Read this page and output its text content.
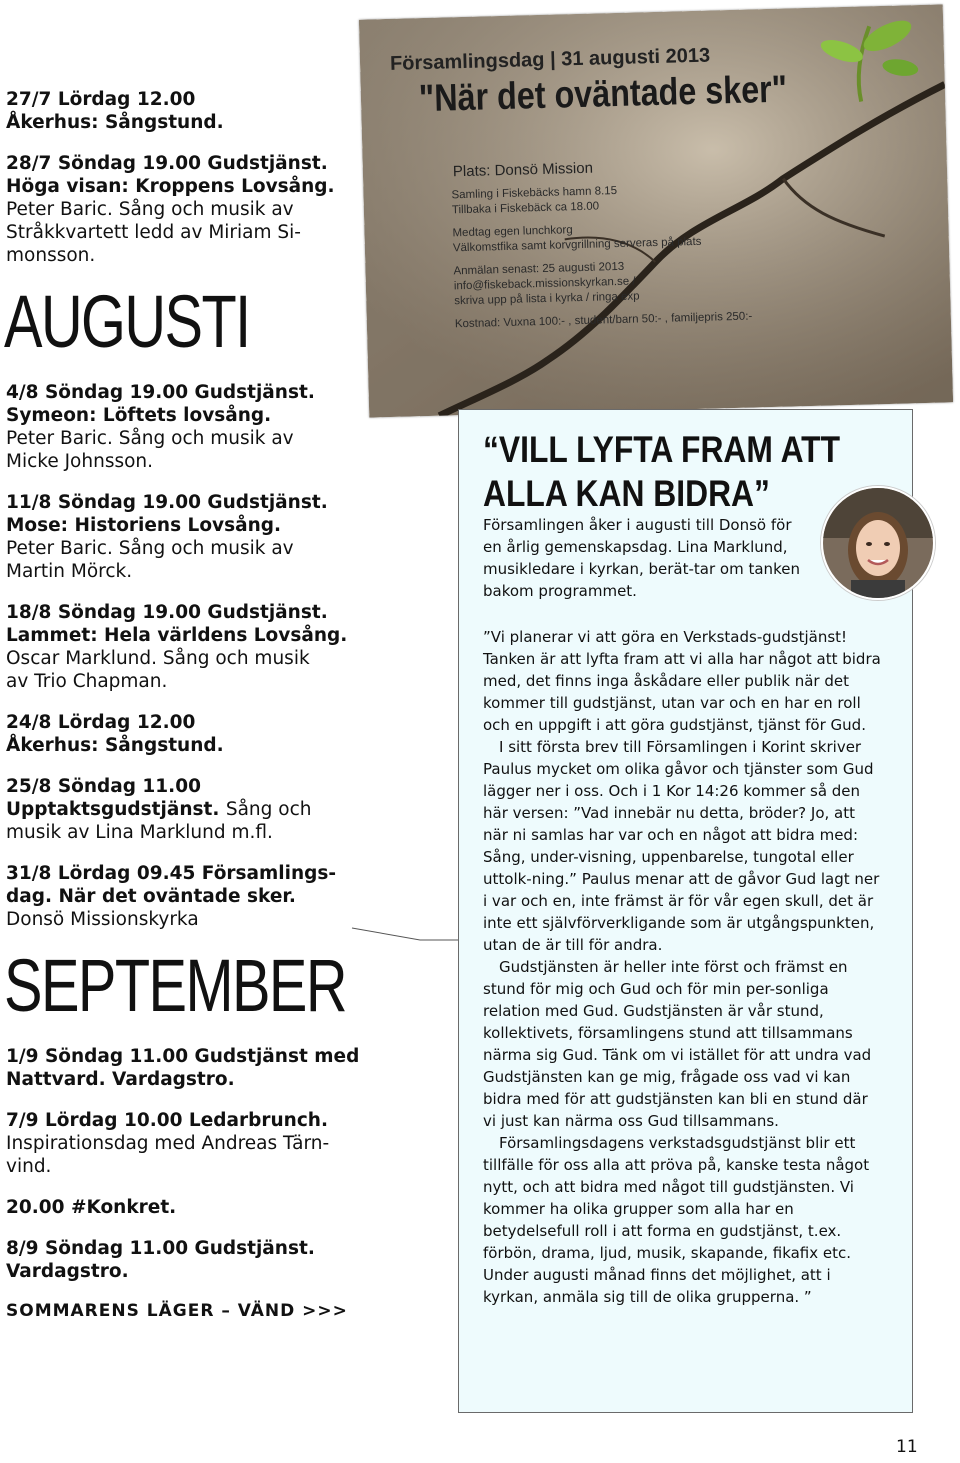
27/7 Lördag 12.00
Åkerhus: Sångstund.
28/7 Söndag 19.00 Gudstjänst.
Höga visan: Kroppens Lovsång.
Peter Baric. Sång och musik av
Stråkkvartett ledd av Miriam Si-
monsson.
AUGUSTI
4/8 Söndag 19.00 Gudstjänst.
Symeon: Löftets lovsång.
Peter Baric. Sång och musik av
Micke Johnsson.
11/8 Söndag 19.00 Gudstjänst.
Mose: Historiens Lovsång.
Peter Baric. Sång och musik av
Martin Mörck.
18/8 Söndag 19.00 Gudstjänst.
Lammet: Hela världens Lovsång.
Oscar Marklund. Sång och musik
av Trio Chapman.
24/8 Lördag 12.00
Åkerhus: Sångstund.
25/8 Söndag 11.00
Upptaktsgudstjänst. Sång och
musik av Lina Marklund m.fl.
31/8 Lördag 09.45 Församlings-
dag. När det oväntade sker.
Donsö Missionskyrka
SEPTEMBER
1/9 Söndag 11.00 Gudstjänst med
Nattvard. Vardagstro.
7/9 Lördag 10.00 Ledarbrunch.
Inspirationsdag med Andreas Tärn-
vind.
20.00 #Konkret.
8/9 Söndag 11.00 Gudstjänst.
Vardagstro.
SOMMARENS LÄGER – VÄND >>>
Församlingsdag | 31 augusti 2013
"När det oväntade sker"
Plats: Donsö Mission
Samling i Fiskebäcks hamn 8.15
Tillbaka i Fiskebäck ca 18.00
Medtag egen lunchkorg
Välkomstfika samt korvgrillning serveras på plats
Anmälan senast: 25 augusti 2013
info@fiskeback.missionskyrkan.se /
skriva upp på lista i kyrka / ringa exp
Kostnad: Vuxna 100:- , student/barn 50:- , familjepris 250:-
“VILL LYFTA FRAM ATT
ALLA KAN BIDRA”
Församlingen åker i augusti till Donsö för en årlig gemenskapsdag. Lina Marklund, musikledare i kyrkan, berät-tar om tanken bakom programmet.

”Vi planerar vi att göra en Verkstads-gudstjänst! Tanken är att lyfta fram att vi alla har något att bidra med, det finns inga åskådare eller publik när det kommer till gudstjänst, utan var och en har en roll och en uppgift i att göra gudstjänst, tjänst för Gud.

I sitt första brev till Församlingen i Korint skriver Paulus mycket om olika gåvor och tjänster som Gud lägger ner i oss. Och i 1 Kor 14:26 kommer så den här versen: ”Vad innebär nu detta, bröder? Jo, att när ni samlas har var och en något att bidra med: Sång, under-visning, uppenbarelse, tungotal eller uttolk-ning.” Paulus menar att de gåvor Gud lagt ner i var och en, inte främst är för vår egen skull, det är inte ett självförverkligande som är utgångspunkten, utan de är till för andra.

Gudstjänsten är heller inte först och främst en stund för mig och Gud och för min per-sonliga relation med Gud. Gudstjänsten är vår stund, kollektivets, församlingens stund att tillsammans närma sig Gud. Tänk om vi istället för att undra vad Gudstjänsten kan ge mig, frågade oss vad vi kan bidra med för att gudstjänsten kan bli en stund där vi just kan närma oss Gud tillsammans.

Församlingsdagens verkstadsgudstjänst blir ett tillfälle för oss alla att pröva på, kanske testa något nytt, och att bidra med något till gudstjänsten. Vi kommer ha olika grupper som alla har en betydelsefull roll i att forma en gudstjänst, t.ex. förbön, drama, ljud, musik, skapande, fikafix etc. Under augusti månad finns det möjlighet, att i kyrkan, anmäla sig till de olika grupperna. ”

11
